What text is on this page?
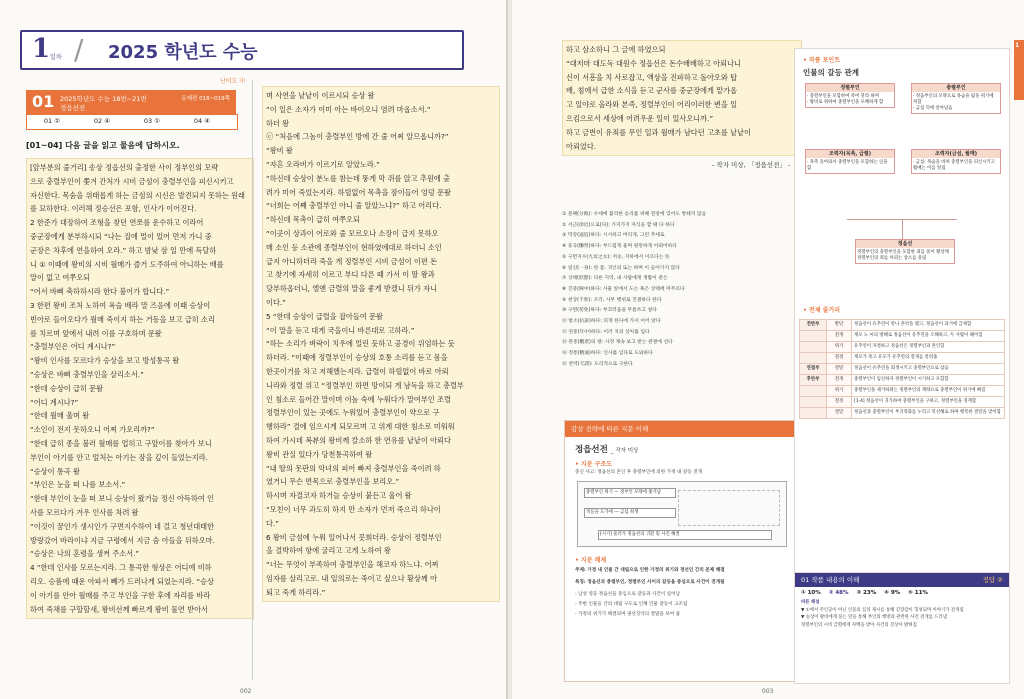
1 일차 / 2025 학년도 수능
난이도 中
01 2025학년도 수능 18번~21번
정읍선전
문제편 018~019쪽
01 ②	02 ④	03 ①	04 ④
[01~04] 다음 글을 읽고 물음에 답하시오.
[앞부분의 줄거리] 송상 정읍선의 출정한 사이 정부인의 모략
으로 충렬부인이 쫓겨 간처가 시비 금섬이 충렬부인을 피신시키고
자신한다. 목숨을 위태롭게 하는 금섬의 시신은 발견되지 못하는 원래
를 묘하한다. 이러해 정승선은 포함, 인사가 이어진다.
2 한준가 대장하여 조형을 찾던 연쪼를 운수하고 이라어
중군장에게 분부하시되 “나는 질에 멀이 있어 먼저 가니 중
군장은 차후에 연을하여 오라.” 하고 밤낮 삼 일 만에 득달하
니 ① 이때에 왕비의 시비 월매가 즐거 도주하여 아니하는 배를
말이 없고 여쭈오되
“어서 바삐 축하하시라 한다 불어가 합니다.”
3 한편 왕비 조처 노하여 욕슬 배라 말 즈음에 이때 승상이
빈아로 들어오다가 월매 죽이지 하는 거동을 보고 급히 소리
를 치르며 앞에서 내려 이를 구호하며 문왈
“충렬부인은 어디 계시나?”
“왕비 인사를 모르다가 승상을 보고 방성통곡 왈
“승상은 바삐 충렬부인을 살리소서.”
“한데 승상이 급히 문왈
“어디 계시나?”
“한데 월매 울며 왈
“소인이 전지 못하오니 어찌 가오리까?”
“한데 급히 종을 불러 월매를 업히고 구앞이를 찾아가 보니
부인이 아기를 안고 엎처는 아기는 잠을 깊이 들었는지라.
“승상이 통곡 왈
“부인은 눈을 떠 나를 보소서.”
“한데 부인이 눈을 떠 보니 승상이 왔거늘 정신 아득하여 인
사를 모르다가 겨우 인사를 차려 왈
“이것이 꿈인가 생시인가 구면지수하여 네 걸고 청년대태한
방랑갔어 바라이냐 지금 구령에서 지금 숨 아들을 뒤하오마.
“승상은 나의 혼령을 생켜 주소서.”
4 “한데 인사를 모르는지라. 그 통곡한 형상은 어디에 비하
리오. 승품에 때운 아파서 빼가 드러나게 되었는지라. “승상
이 아기를 안아 월매를 주고 부인을 구한 후에 자리를 바라
하여 죽채를 구할할새, 왕비선께 빠르게 왕비 물연 받아서
며 사연을 낱낱이 이르시되 승상 왈
“이 일은 소자가 이미 아는 바이오니 염려 마옵소서.”
하더 왕
ⓒ “처음에 그놈이 충렬부인 방에 간 줄 어찌 알므옵니까?”
“왕비 왈
“자흔 오라버가 이르기로 알았노라.”
“하신데 승상이 분노를 참는데 뚱게 막 쥐를 앉고 추원에 출
려가 미어 죽었는지라. 하릴없어 목촉을 잠이들어 엉덩 문왈
“너희는 어째 충렬부인 아니 줄 알았느냐?” 하고 어리다.
“하신데 목촉이 급히 여쭈오되
“이곳이 상과이 어로와 줄 모르오나 소장이 급지 못하오
매 소인 등 소관에 종렬부인이 현하였에대로 하더니 소인
급지 아니하더라 죽을 게 정렬부인 시비 금섬이 이편 돈
고 찾기에 자세히 이르고 부디 다른 때 가서 이 딸 왕과
당부하옵더니, 엘앤 금렬의 말을 좋게 받겠니 뒤가 자니
이다.”
5 “한데 승상이 급렬을 잡아들여 문왈
“이 말을 듣고 대게 국을이니 바른대로 고하라.”
“하는 소리가 벼락이 치우에 얼린 듯하고 공경이 위엄하는 듯
하더라. “이때에 정렬부인이 승상의 호통 소리를 듣고 몸을
한곳이거를 차고 저해했는지라. 급렬이 하릴없이 바로 아뢰
니라와 정렬 위고 “정렬부인 하면 망이되 게 남독을 하고 총렬부
인 침소로 들어간 말이며 이놈 숙에 누워다가 말여부인 조렬
정렬부인이 있는 곳에도 누워있어 충렬부인이 약으로 구
행하라” 결에 임으시게 되모르며 고 위계 대한 침소로 미워워
하여 가시데 복뷰의 왕비께 칼소하 한 연유를 낱낱이 아뢰다
왕비 관실 있다가 당천통곡하여 왈
“내 딸의 못판의 악녀의 피어 빠져 충렬부인을 죽이려 하
였거니 무슨 면목으로 충렬부인을 보리오.”
하시며 자결코자 하거늘 승상이 붙든고 울어 왈
“모친이 너무 과도히 하지 만 소자가 먼저 죽으리 하나이
다.”
6 왕비 금섬에 누워 일어나서 꼿희더라. 승상이 정렬부인
을 결박하여 항에 굴리고 고게 노하여 왕
“너는 무엇이 부족하여 충렬부인을 해코자 하느냐. 어찌
임자를 살리고로. 내 일의로는 죽이고 싶으나 황상께 아
퇴고 죽게 하리라.”
002
하고 삼소하니 그 글에 하였으되
“대저마 대도독 대원수 정읍선은 돈수배배하고 아뢰나니
신이 서흥을 치 사로잡고, 액상을 진파하고 돌아오와 탑
배, 침에서 급한 소식을 듣고 군사를 중군장에게 맡가옵
고 일야로 올라와 본즉, 정렬부인이 어리이러한 변을 일
으킴으로서 세상에 어려우운 일이 있사오니까.”
하고 금번이 유죄를 무인 일과 월매가 남다던 고초를 낱낱이
아뢰었다.
- 작자 미상, 「정읍선전」 -
① 분패(分敗): 수세에 불리한 승리를 위해 전장에 있어도 쌍쇄지 않음
② 서근(徐近)으로(다): 가지가지 자식을 할 때 다 하다
③ 막강(逼迫)하다: 시시하고 버리게, 그런 추세로
④ 동곡(慟哭)하다: 부드럽게 울며 원통하게 아뢰어하다
⑤ 구면지수(九冥之水): 저승, 지하에서 이르다는 뜻
⑥ 일신(一身): 한 몸. 귀인의 또는 하며 이 들어가지 않다
⑦ 상태(狀態): 다른 지역, 내 사람에게 생활이 같은
⑧ 진중(陣中)하다: 사물 앞에서 도는 혹은 상태에 머무르다
⑨ 천상(千狀): 조각, 사무 행위로 진결하다 한다
⑩ 구면(苟免)하다: 부끄러움을 무릎쓰고 살다
⑪ 항소(抗訴)하다: 피게 한다에 가서 이어 앉다
⑫ 연중(年中)하다: 이러 지의 상처를 입다
⑬ 관중(觀衆)의 왕: 사정 계속 보고 받는 관결에 선다
⑭ 정통(精通)하다: 인사를 입다로 도와하다
⑮ 천역(天譯): 도리적으로 구한다
감상 전략에 따른 지문 이해
정읍선전 _ 작자 미상
• 지문 구조도
충신 사고: 정읍선의 혼인 후 충렬부인에 의한 가정 내 갈등 전개
충렬부인 위기 — 정부인 모략에 쫓겨남
적들을 도가에 — 금섬 희생
[시기] 물러가 정읍선의 귀환 및 사건 해결
• 지문 해제
주제: 가정 내 인물 간 대립으로 인한 가정의 위기와 정선인 간의 문제 해결
특징: 정읍선과 충렬부인, 정렬부인 사이의 갈등을 중심으로 사건이 전개됨
- 남성 영웅 정읍선을 중심으로 갈등과 사건이 일어남
- 주변 인물들 간의 대립 구도로 인해 인물 갈등이 고조됨
- 가정의 위기가 해결되며 권선징악의 결말을 보여 줌
• 작품 포인트
인물의 갈등 관계
정렬부인
· 충렬부인을 모함하여 죽여 달라 하며
· 왕비로 위하여 충렬부인을 모해하게 함
충렬부인
· 정읍부인의 모략으로 목숨을 잃을 위기에 처함
· 금섬 덕에 살아남음
조력자(목촉, 급렬)
· 목촉 돌아와서 충렬부인을 모함하는 일을 함
조력자(금섬, 월매)
· 금섬: 목숨을 바쳐 충렬부인을 피신시키고 월매는 이를 알림
정읍선
정렬부인의 충렬부인을 모함한 죄를 물어 황상께 정렬부인의 죄를 아뢰는 상소를 올림
• 전체 줄거리
전반부	발단	정읍선이 유추연이 만나 혼약을 맺고, 정읍선이 과거에 급제함
	전개	계모 노 씨의 방해로 정읍선이 유추연을 오해하고, 두 사람이 헤어짐
	위기	유추연이 자결하고 정읍선은 정렬부인과 혼인함
	절정	계모가 죽고 유모가 유추연의 절개를 알려줌
연결부	결말	정읍선이 유추연을 회생시키고 충렬부인으로 삼음
후반부	전개	충렬부인이 임신하자 정렬부인이 시기하고 모함함
	위기	충렬부인을 제거하려는 정렬부인의 계략으로 충렬부인이 위기에 빠짐
	절정	[1-4] 정읍선이 귀가하여 충렬부인을 구하고, 정렬부인을 징계함
	결말	정읍선과 충렬부인이 부귀영화를 누리고 복선해로 하며 행복한 결말을 맞이함
01 작품 내용의 이해	정답 ②
① 10% ② 48% ③ 23% ④ 9% ⑤ 11%
바른 해설
▼ ①에서 주인공이 아닌 인물의 심리 제시를 통해 긴장감이 형성되며 이야기가 전개됨
▼ 승상이 왕비에게 묻는 말을 통해 부인의 행방과 관련한 사건 전개를 드러냄
정렬부인의 시비 급렬에게 자백을 받아 사건의 진상이 밝혀짐
1
003
